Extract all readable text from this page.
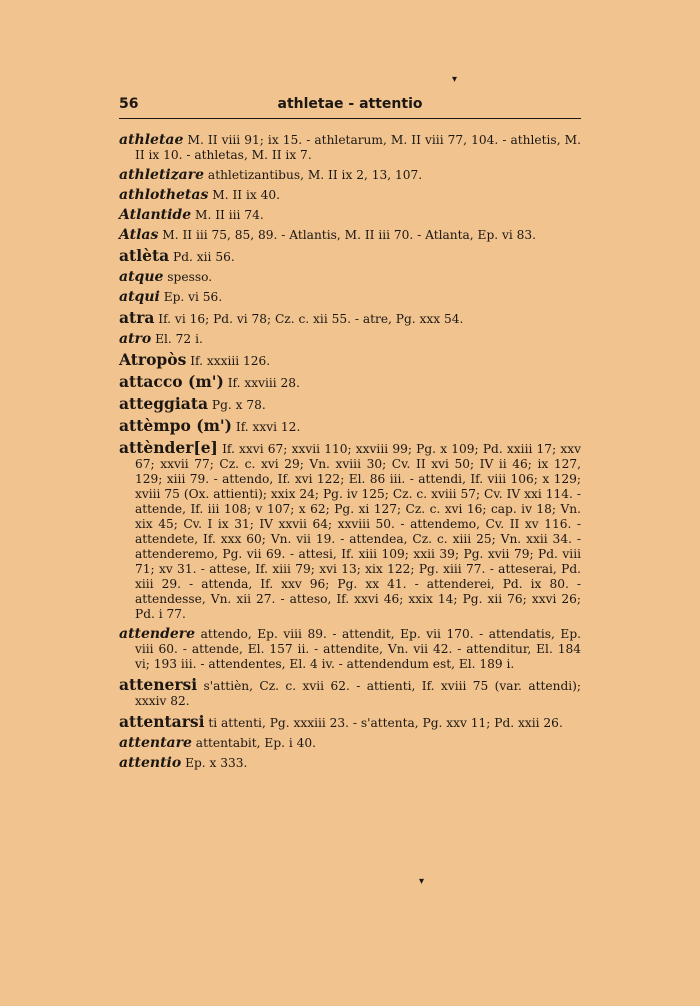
▾
56	athletae - attentio
athletae M. II viii 91; ix 15. - athletarum, M. II viii 77, 104. - athletis, M. II ix 10. - athletas, M. II ix 7.
athletizare athletizantibus, M. II ix 2, 13, 107.
athlothetas M. II ix 40.
Atlantide M. II iii 74.
Atlas M. II iii 75, 85, 89. - Atlantis, M. II iii 70. - Atlanta, Ep. vi 83.
atlèta Pd. xii 56.
atque spesso.
atqui Ep. vi 56.
atra If. vi 16; Pd. vi 78; Cz. c. xii 55. - atre, Pg. xxx 54.
atro El. 72 i.
Atropòs If. xxxiii 126.
attacco (m') If. xxviii 28.
atteggiata Pg. x 78.
attèmpo (m') If. xxvi 12.
attènder[e] If. xxvi 67; xxvii 110; xxviii 99; Pg. x 109; Pd. xxiii 17; xxv 67; xxvii 77; Cz. c. xvi 29; Vn. xviii 30; Cv. II xvi 50; IV ii 46; ix 127, 129; xiii 79. - attendo, If. xvi 122; El. 86 iii. - attendi, If. viii 106; x 129; xviii 75 (Ox. attienti); xxix 24; Pg. iv 125; Cz. c. xviii 57; Cv. IV xxi 114. - attende, If. iii 108; v 107; x 62; Pg. xi 127; Cz. c. xvi 16; cap. iv 18; Vn. xix 45; Cv. I ix 31; IV xxvii 64; xxviii 50. - attendemo, Cv. II xv 116. - attendete, If. xxx 60; Vn. vii 19. - attendea, Cz. c. xiii 25; Vn. xxii 34. - attenderemo, Pg. vii 69. - attesi, If. xiii 109; xxii 39; Pg. xvii 79; Pd. viii 71; xv 31. - attese, If. xiii 79; xvi 13; xix 122; Pg. xiii 77. - atteserai, Pd. xiii 29. - attenda, If. xxv 96; Pg. xx 41. - attenderei, Pd. ix 80. - attendesse, Vn. xii 27. - atteso, If. xxvi 46; xxix 14; Pg. xii 76; xxvi 26; Pd. i 77.
attendere attendo, Ep. viii 89. - attendit, Ep. vii 170. - attendatis, Ep. viii 60. - attende, El. 157 ii. - attendite, Vn. vii 42. - attenditur, El. 184 vi; 193 iii. - attendentes, El. 4 iv. - attendendum est, El. 189 i.
attenersi s'attièn, Cz. c. xvii 62. - attienti, If. xviii 75 (var. attendi); xxxiv 82.
attentarsi ti attenti, Pg. xxxiii 23. - s'attenta, Pg. xxv 11; Pd. xxii 26.
attentare attentabit, Ep. i 40.
attentio Ep. x 333.
▾
